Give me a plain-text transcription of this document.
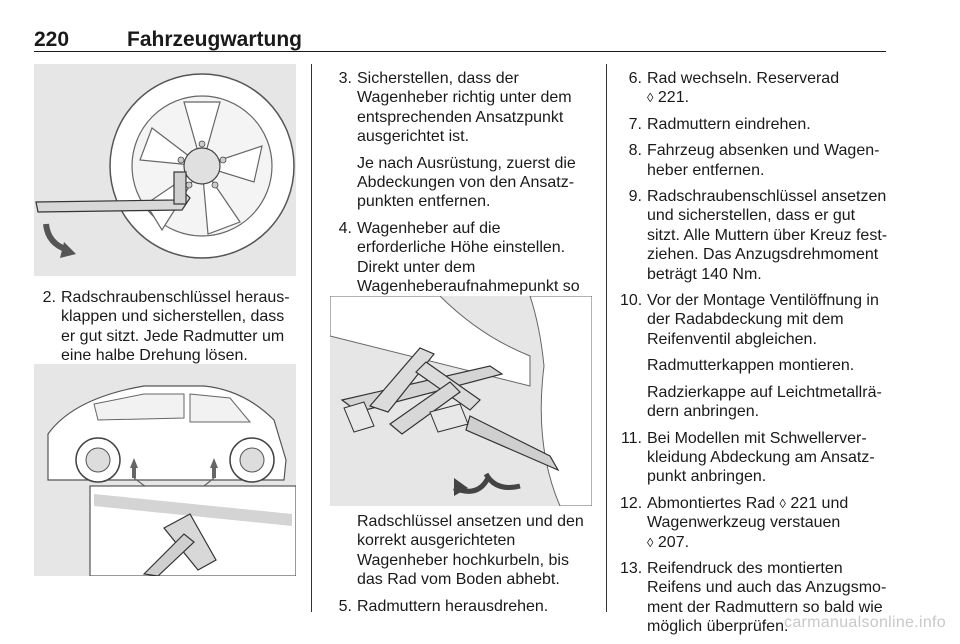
220	Fahrzeugwartung
2. Radschraubenschlüssel herausklappen und sicherstellen, dass er gut sitzt. Jede Radmutter um eine halbe Drehung lösen.
3. Sicherstellen, dass der Wagenheber richtig unter dem entsprechenden Ansatzpunkt ausgerichtet ist.
Je nach Ausrüstung, zuerst die Abdeckungen von den Ansatzpunkten entfernen.
4. Wagenheber auf die erforderliche Höhe einstellen. Direkt unter dem Wagenheberaufnahmepunkt so
Radschlüssel ansetzen und den korrekt ausgerichteten Wagenheber hochkurbeln, bis das Rad vom Boden abhebt.
5. Radmuttern herausdrehen.
6. Rad wechseln. Reserverad
◊ 221.
7. Radmuttern eindrehen.
8. Fahrzeug absenken und Wagenheber entfernen.
9. Radschraubenschlüssel ansetzen und sicherstellen, dass er gut sitzt. Alle Muttern über Kreuz festziehen. Das Anzugsdrehmoment beträgt 140 Nm.
10. Vor der Montage Ventilöffnung in der Radabdeckung mit dem Reifenventil abgleichen.
Radmutterkappen montieren.
Radzierkappe auf Leichtmetallrädern anbringen.
11. Bei Modellen mit Schwellerverkleidung Abdeckung am Ansatzpunkt anbringen.
12. Abmontiertes Rad ◊ 221 und Wagenwerkzeug verstauen
◊ 207.
13. Reifendruck des montierten Reifens und auch das Anzugsmoment der Radmuttern so bald wie möglich überprüfen.
carmanualsonline.info
